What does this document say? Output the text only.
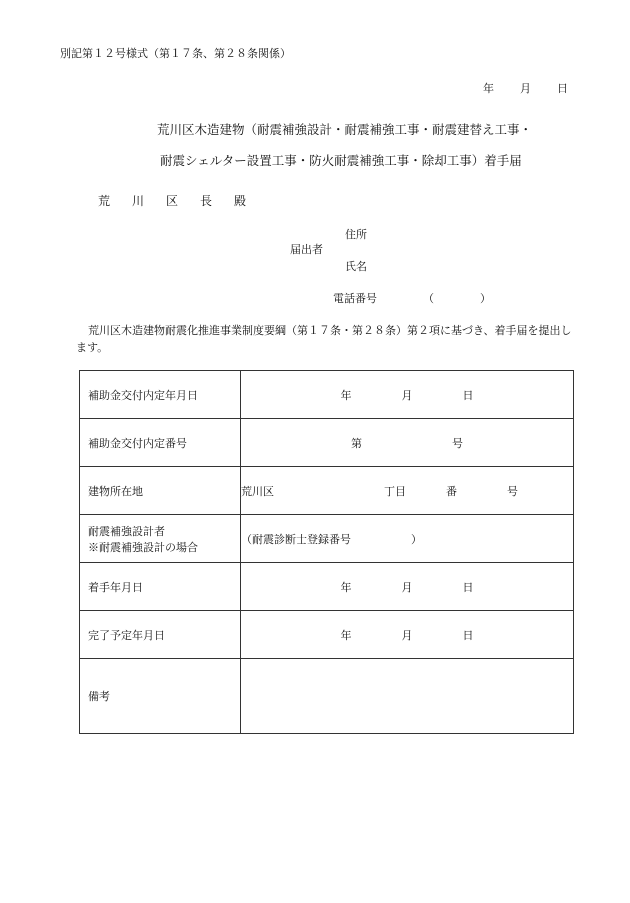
別記第１２号様式（第１７条、第２８条関係）
年 月 日
荒川区木造建物（耐震補強設計・耐震補強工事・耐震建替え工事・
耐震シェルター設置工事・防火耐震補強工事・除却工事）着手届
荒川区長殿
届出者
住所
氏名
電話番号	（	）
荒川区木造建物耐震化推進事業制度要綱（第１７条・第２８条）第２項に基づき、着手届を提出します。
補助金交付内定年月日	年 月 日
補助金交付内定番号	第 号
建物所在地	荒川区 丁目 番 号

耐震補強設計者
※耐震補強設計の場合	（耐震診断士登録番号 ）
着手年月日	年 月 日
完了予定年月日	年 月 日
備考	
